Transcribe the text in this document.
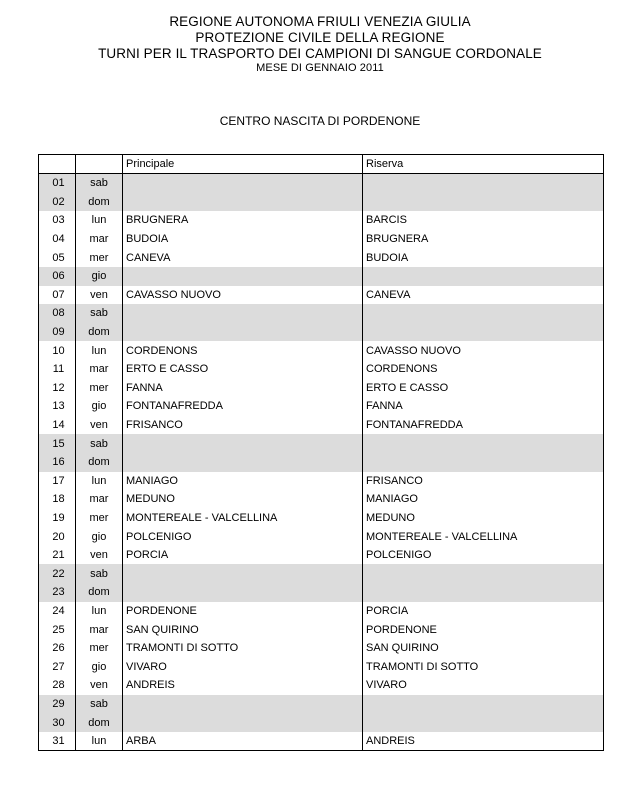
REGIONE AUTONOMA FRIULI VENEZIA GIULIA
PROTEZIONE CIVILE DELLA REGIONE
TURNI PER IL TRASPORTO DEI CAMPIONI DI SANGUE CORDONALE
MESE DI GENNAIO 2011
CENTRO NASCITA DI PORDENONE
		Principale	Riserva
01	sab		
02	dom		
03	lun	BRUGNERA	BARCIS
04	mar	BUDOIA	BRUGNERA
05	mer	CANEVA	BUDOIA
06	gio		
07	ven	CAVASSO NUOVO	CANEVA
08	sab		
09	dom		
10	lun	CORDENONS	CAVASSO NUOVO
11	mar	ERTO E CASSO	CORDENONS
12	mer	FANNA	ERTO E CASSO
13	gio	FONTANAFREDDA	FANNA
14	ven	FRISANCO	FONTANAFREDDA
15	sab		
16	dom		
17	lun	MANIAGO	FRISANCO
18	mar	MEDUNO	MANIAGO
19	mer	MONTEREALE - VALCELLINA	MEDUNO
20	gio	POLCENIGO	MONTEREALE - VALCELLINA
21	ven	PORCIA	POLCENIGO
22	sab		
23	dom		
24	lun	PORDENONE	PORCIA
25	mar	SAN QUIRINO	PORDENONE
26	mer	TRAMONTI DI SOTTO	SAN QUIRINO
27	gio	VIVARO	TRAMONTI DI SOTTO
28	ven	ANDREIS	VIVARO
29	sab		
30	dom		
31	lun	ARBA	ANDREIS
